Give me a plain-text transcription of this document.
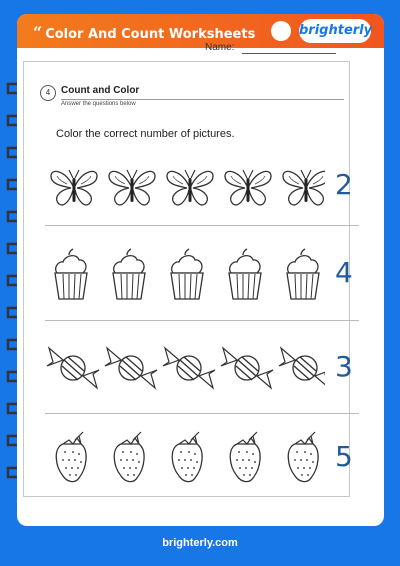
“ Color And Count Worksheets	brighterly
Name:
4	Count and Color
Answer the questions below
Color the correct number of pictures.
2
4
3
5
brighterly.com
